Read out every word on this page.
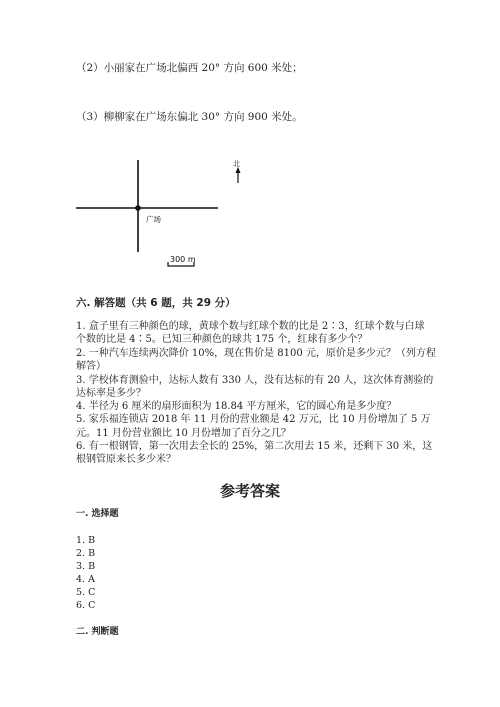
（2）小丽家在广场北偏西 20° 方向 600 米处；
（3）柳柳家在广场东偏北 30° 方向 900 米处。
广场
北
300 m
六. 解答题（共 6 题，共 29 分）
1. 盒子里有三种颜色的球，黄球个数与红球个数的比是 2∶3，红球个数与白球
个数的比是 4∶5。已知三种颜色的球共 175 个，红球有多少个？
2. 一种汽车连续两次降价 10%，现在售价是 8100 元，原价是多少元？（列方程
解答）
3. 学校体育测验中，达标人数有 330 人，没有达标的有 20 人，这次体育测验的
达标率是多少？
4. 半径为 6 厘米的扇形面积为 18.84 平方厘米，它的圆心角是多少度？
5. 家乐福连锁店 2018 年 11 月份的营业额是 42 万元，比 10 月份增加了 5 万
元。11 月份营业额比 10 月份增加了百分之几？
6. 有一根钢管，第一次用去全长的 25%，第二次用去 15 米，还剩下 30 米，这
根钢管原来长多少米？
参考答案
一. 选择题
1. B
2. B
3. B
4. A
5. C
6. C
二. 判断题
